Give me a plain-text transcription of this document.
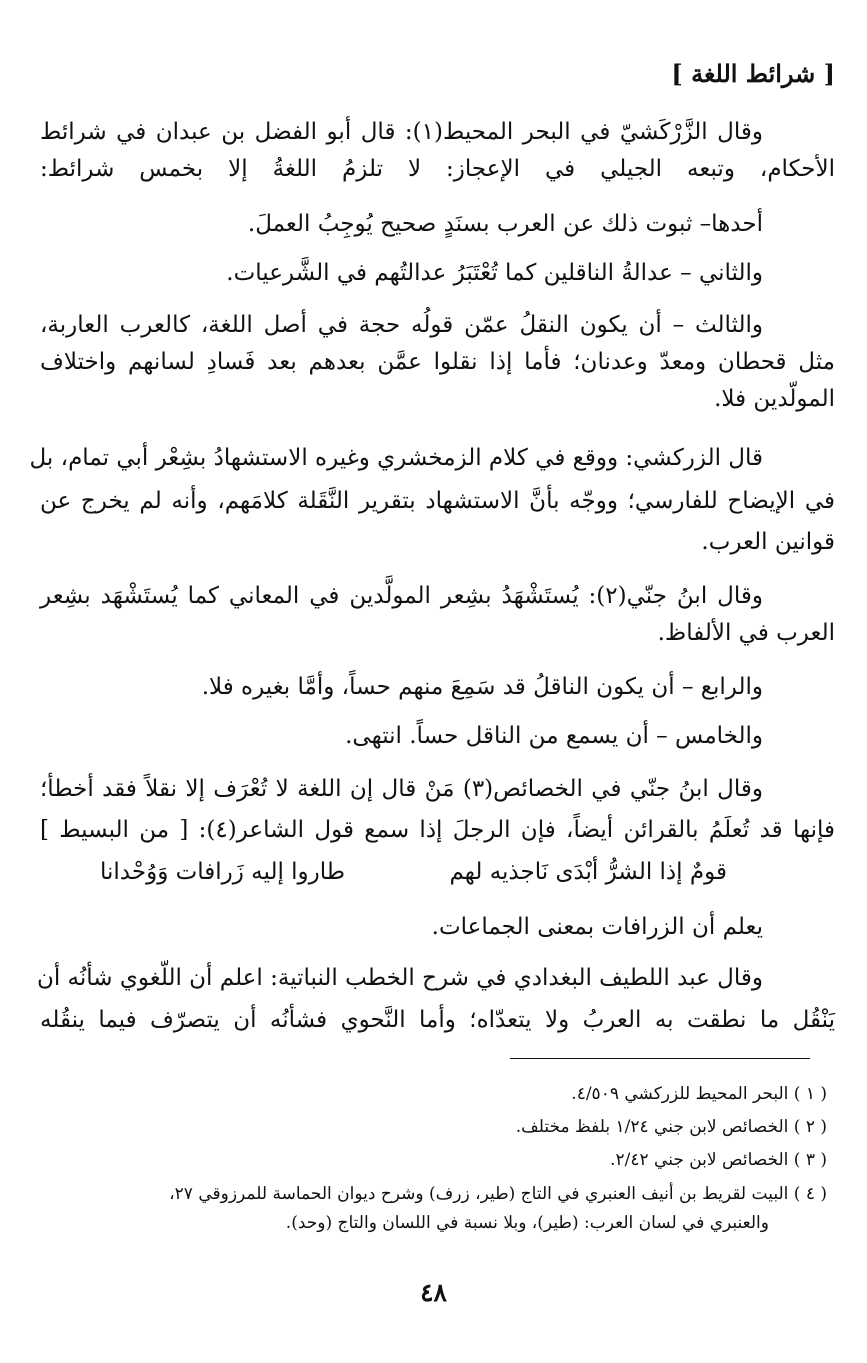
[ شرائط اللغة ]
وقال الزَّرْكَشيّ في البحر المحيط(١): قال أبو الفضل بن عبدان في شرائط
الأحكام، وتبعه الجيلي في الإعجاز: لا تلزمُ اللغةُ إلا بخمس شرائط:
أحدها– ثبوت ذلك عن العرب بسنَدٍ صحيح يُوجِبُ العملَ.
والثاني – عدالةُ الناقلين كما تُعْتَبَرُ عدالتُهم في الشَّرعيات.
والثالث – أن يكون النقلُ عمّن قولُه حجة في أصل اللغة، كالعرب العاربة،
مثل قحطان ومعدّ وعدنان؛ فأما إذا نقلوا عمَّن بعدهم بعد فَسادِ لسانهم واختلاف
المولّدين فلا.
قال الزركشي: ووقع في كلام الزمخشري وغيره الاستشهادُ بشِعْر أبي تمام، بل
في الإيضاح للفارسي؛ ووجّه بأنَّ الاستشهاد بتقرير النَّقَلة كلامَهم، وأنه لم يخرج عن
قوانين العرب.
وقال ابنُ جنّي(٢): يُستَشْهَدُ بشِعر المولَّدين في المعاني كما يُستَشْهَد بشِعر
العرب في الألفاظ.
والرابع – أن يكون الناقلُ قد سَمِعَ منهم حساً، وأمَّا بغيره فلا.
والخامس – أن يسمع من الناقل حساً. انتهى.
وقال ابنُ جنّي في الخصائص(٣) مَنْ قال إن اللغة لا تُعْرَف إلا نقلاً فقد أخطأ؛
فإنها قد تُعلَمُ بالقرائن أيضاً، فإن الرجلَ إذا سمع قول الشاعر(٤): [ من البسيط ]
قومٌ إذا الشرُّ أبْدَى نَاجذيه لهم
طاروا إليه زَرافات وَوُحْدانا
يعلم أن الزرافات بمعنى الجماعات.
وقال عبد اللطيف البغدادي في شرح الخطب النباتية: اعلم أن اللّغوي شأنُه أن
يَنْقُل ما نطقت به العربُ ولا يتعدّاه؛ وأما النَّحوي فشأنُه أن يتصرّف فيما ينقُله
( ١ ) البحر المحيط للزركشي ٤/٥٠٩.
( ٢ ) الخصائص لابن جني ١/٢٤ بلفظ مختلف.
( ٣ ) الخصائص لابن جني ٢/٤٢.
( ٤ ) البيت لقريط بن أنيف العنبري في التاج (طير، زرف) وشرح ديوان الحماسة للمرزوقي ٢٧،
والعنبري في لسان العرب: (طير)، وبلا نسبة في اللسان والتاج (وحد).
٤٨
